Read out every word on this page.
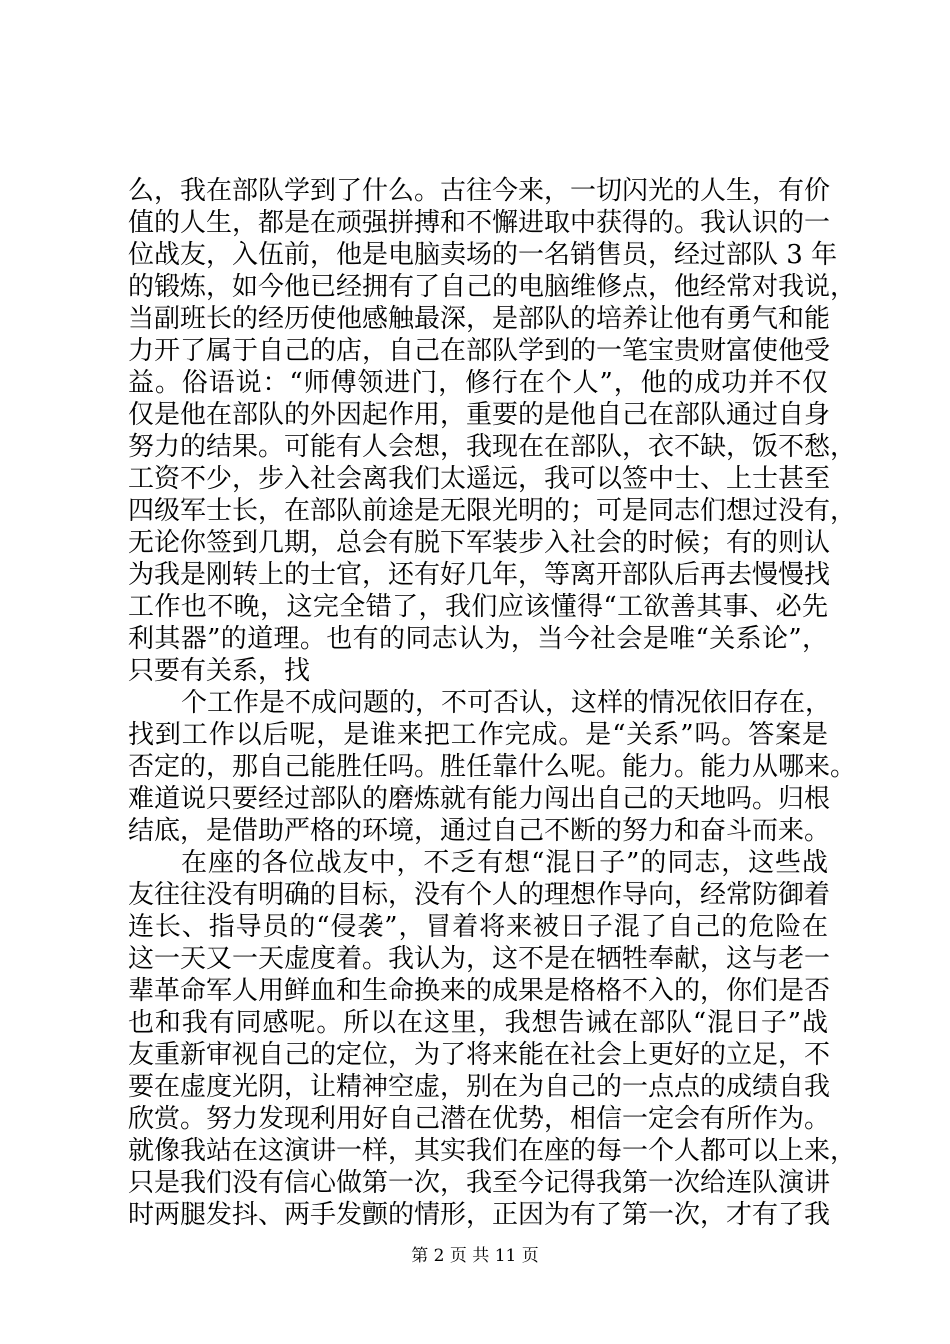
么，我在部队学到了什么。古往今来，一切闪光的人生，有价
值的人生，都是在顽强拼搏和不懈进取中获得的。我认识的一
位战友，入伍前，他是电脑卖场的一名销售员，经过部队 3 年
的锻炼，如今他已经拥有了自己的电脑维修点，他经常对我说，
当副班长的经历使他感触最深，是部队的培养让他有勇气和能
力开了属于自己的店，自己在部队学到的一笔宝贵财富使他受
益。俗语说：“师傅领进门，修行在个人”，他的成功并不仅
仅是他在部队的外因起作用，重要的是他自己在部队通过自身
努力的结果。可能有人会想，我现在在部队，衣不缺，饭不愁，
工资不少，步入社会离我们太遥远，我可以签中士、上士甚至
四级军士长，在部队前途是无限光明的；可是同志们想过没有，
无论你签到几期，总会有脱下军装步入社会的时候；有的则认
为我是刚转上的士官，还有好几年，等离开部队后再去慢慢找
工作也不晚，这完全错了，我们应该懂得“工欲善其事、必先
利其器”的道理。也有的同志认为，当今社会是唯“关系论”，
只要有关系，找
个工作是不成问题的，不可否认，这样的情况依旧存在，
找到工作以后呢，是谁来把工作完成。是“关系”吗。答案是
否定的，那自己能胜任吗。胜任靠什么呢。能力。能力从哪来。
难道说只要经过部队的磨炼就有能力闯出自己的天地吗。归根
结底，是借助严格的环境，通过自己不断的努力和奋斗而来。
在座的各位战友中，不乏有想“混日子”的同志，这些战
友往往没有明确的目标，没有个人的理想作导向，经常防御着
连长、指导员的“侵袭”，冒着将来被日子混了自己的危险在
这一天又一天虚度着。我认为，这不是在牺牲奉献，这与老一
辈革命军人用鲜血和生命换来的成果是格格不入的，你们是否
也和我有同感呢。所以在这里，我想告诫在部队“混日子”战
友重新审视自己的定位，为了将来能在社会上更好的立足，不
要在虚度光阴，让精神空虚，别在为自己的一点点的成绩自我
欣赏。努力发现利用好自己潜在优势，相信一定会有所作为。
就像我站在这演讲一样，其实我们在座的每一个人都可以上来，
只是我们没有信心做第一次，我至今记得我第一次给连队演讲
时两腿发抖、两手发颤的情形，正因为有了第一次，才有了我
第 2 页 共 11 页
